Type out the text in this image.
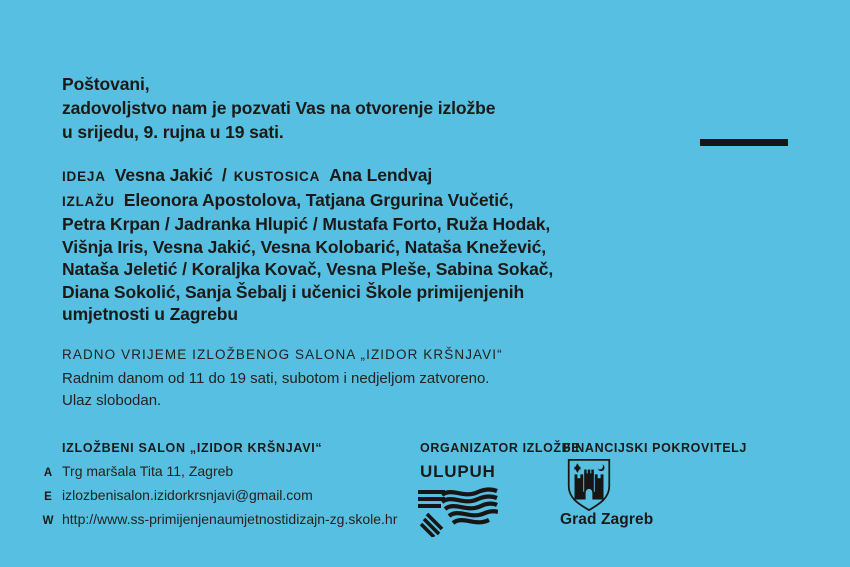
Poštovani,
zadovoljstvo nam je pozvati Vas na otvorenje izložbe
u srijedu, 9. rujna u 19 sati.
IDEJA Vesna Jakić / KUSTOSICA Ana Lendvaj
IZLAŽU Eleonora Apostolova, Tatjana Grgurina Vučetić,
Petra Krpan / Jadranka Hlupić / Mustafa Forto, Ruža Hodak,
Višnja Iris, Vesna Jakić, Vesna Kolobarić, Nataša Knežević,
Nataša Jeletić / Koraljka Kovač, Vesna Pleše, Sabina Sokač,
Diana Sokolić, Sanja Šebalj i učenici Škole primijenjenih
umjetnosti u Zagrebu
RADNO VRIJEME IZLOŽBENOG SALONA „IZIDOR KRŠNJAVI“
Radnim danom od 11 do 19 sati, subotom i nedjeljom zatvoreno.
Ulaz slobodan.
IZLOŽBENI SALON „IZIDOR KRŠNJAVI“
A Trg maršala Tita 11, Zagreb
E izlozbenisalon.izidorkrsnjavi@gmail.com
W http://www.ss-primijenjenaumjetnostidizajn-zg.skole.hr
ORGANIZATOR IZLOŽBE
ULUPUH
FINANCIJSKI POKROVITELJ
Grad Zagreb
